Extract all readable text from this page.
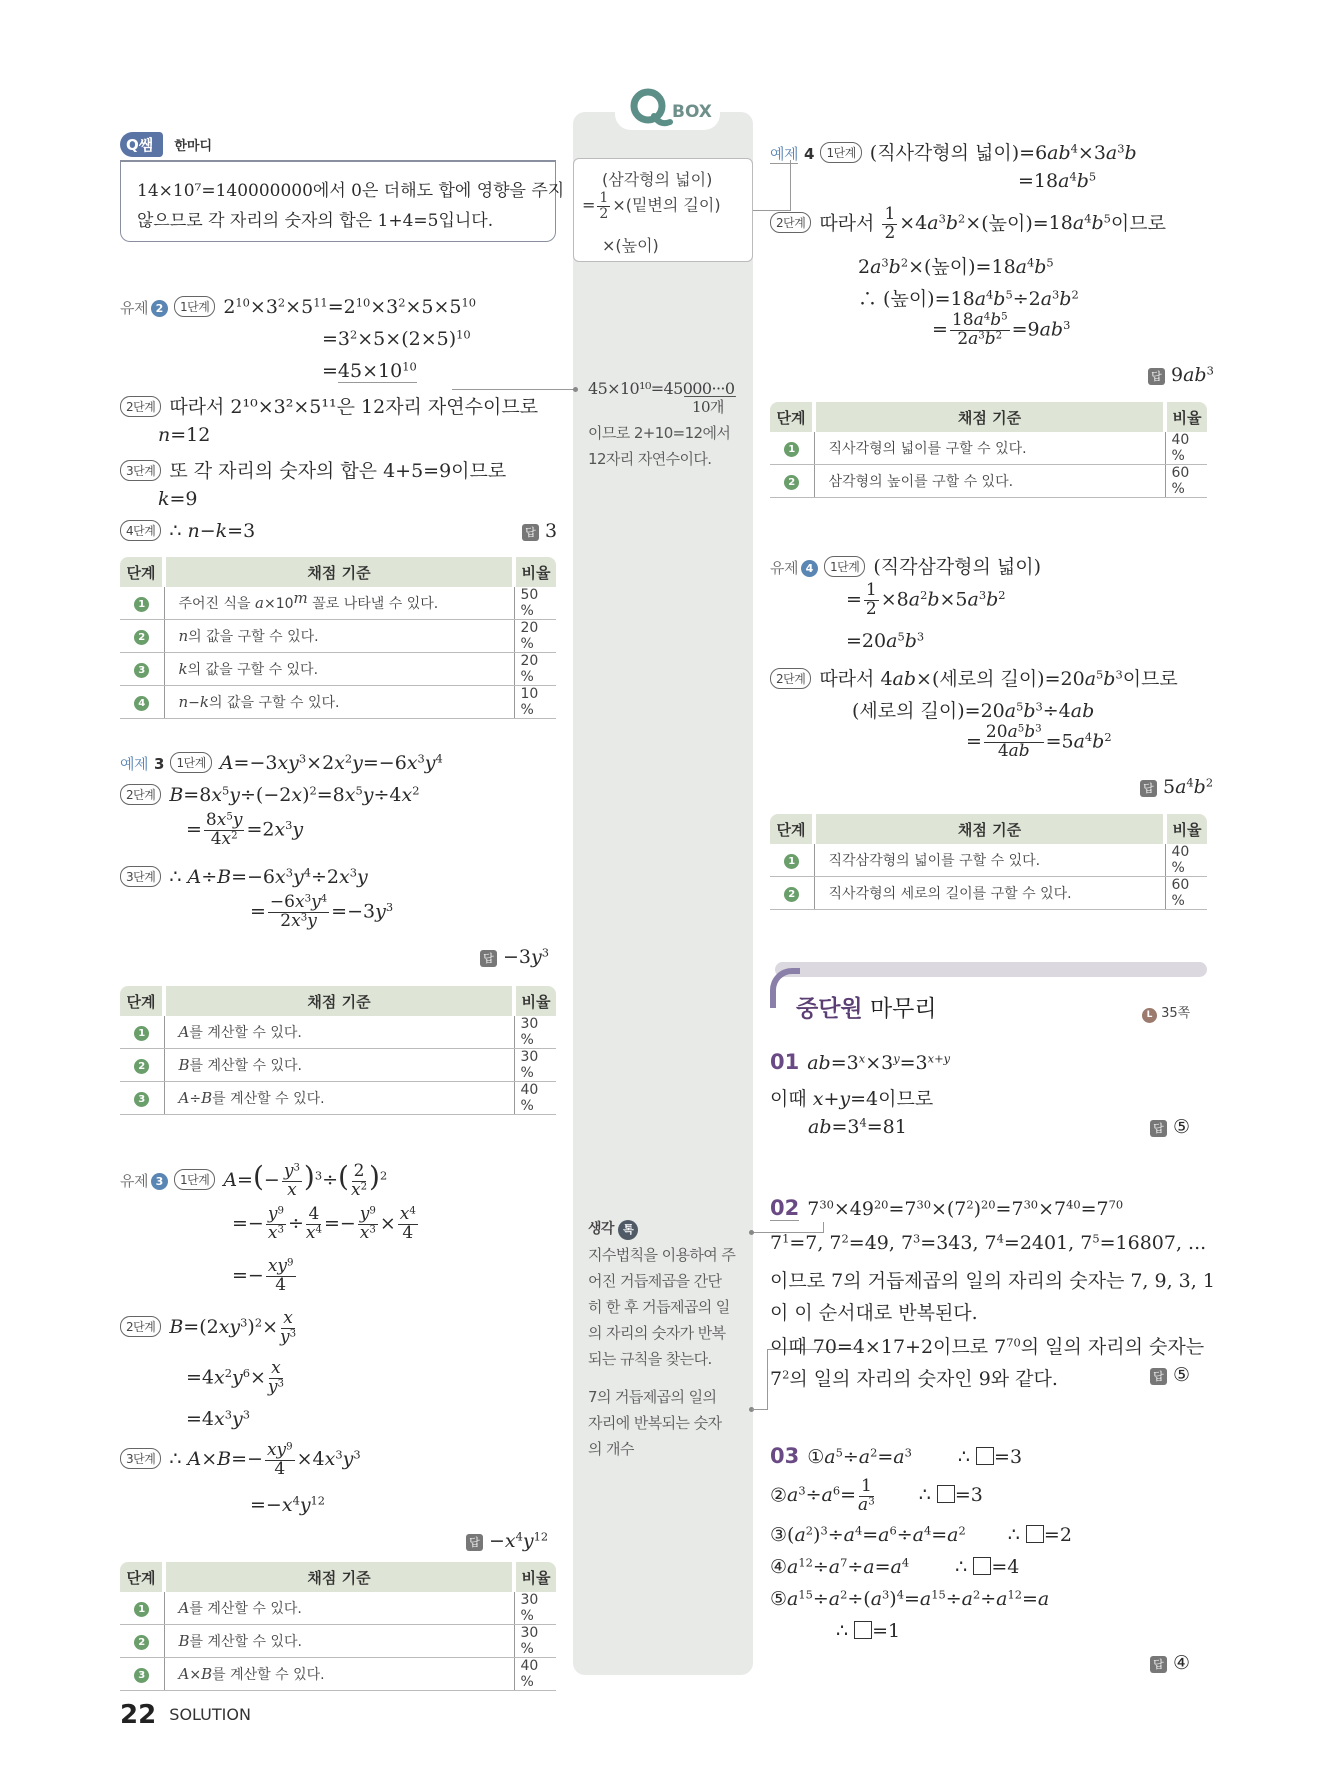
BOX
(삼각형의 넓이)
= $\frac{1}{2}$ ×(밑변의 길이)
×(높이)
45×10¹⁰=45000···0
10개
이므로 2+10=12에서
12자리 자연수이다.
생각 톡
지수법칙을 이용하여 주
어진 거듭제곱을 간단
히 한 후 거듭제곱의 일
의 자리의 숫자가 반복
되는 규칙을 찾는다.
7의 거듭제곱의 일의
자리에 반복되는 숫자
의 개수
Q쌤 한마디
14×10⁷=140000000에서 0은 더해도 합에 영향을 주지
않으므로 각 자리의 숫자의 합은 1+4=5입니다.
유제 2 1단계 $2^{10}\times 3^2\times 5^{11}=2^{10}\times 3^2\times 5\times 5^{10}$
$=3^2\times 5\times(2\times 5)^{10}$
$=45\times 10^{10}$
2단계 따라서 2¹⁰×3²×5¹¹은 12자리 자연수이므로
n=12
3단계 또 각 자리의 숫자의 합은 4+5=9이므로
k=9
4단계 ∴ n−k=3	답 3
단계	채점 기준	비율
1	주어진 식을 $a\times 10^m$ 꼴로 나타낼 수 있다.	50 %
2	n의 값을 구할 수 있다.	20 %
3	k의 값을 구할 수 있다.	20 %
4	n−k의 값을 구할 수 있다.	10 %
예제 3 1단계 $A=-3xy^3\times 2x^2y=-6x^3y^4$
2단계 $B=8x^5y\div(-2x)^2=8x^5y\div 4x^2$
= $\frac{8x^5y}{4x^2} =2x^3y$
3단계 ∴ $A\div B=-6x^3y^4\div 2x^3y$
= $\frac{-6x^3y^4}{2x^3y} =-3y^3$
답 $-3y^3$
단계	채점 기준	비율
1	A를 계산할 수 있다.	30 %
2	B를 계산할 수 있다.	30 %
3	A÷B를 계산할 수 있다.	40 %
유제 3 1단계 $A=(- \frac{y^3}{x} )^3\div( \frac{2}{x^2} )^2$
=− $\frac{y^9}{x^3} \div \frac{4}{x^4} =- \frac{y^9}{x^3} \times \frac{x^4}{4}$
=− $\frac{xy^9}{4}$
2단계 $B=(2xy^3)^2\times \frac{x}{y^3}$
$=4x^2y^6\times \frac{x}{y^3}$
$=4x^3y^3$
3단계 ∴ $A\times B=- \frac{xy^9}{4} \times 4x^3y^3$
$=-x^4y^{12}$
답 $-x^4y^{12}$
단계	채점 기준	비율
1	A를 계산할 수 있다.	30 %
2	B를 계산할 수 있다.	30 %
3	A×B를 계산할 수 있다.	40 %
22 SOLUTION
예제 4 1단계 (직사각형의 넓이)$=6ab^4\times 3a^3b$
$=18a^4b^5$
2단계 따라서 $\frac{1}{2} \times 4a^3b^2\times$(높이)$=18a^4b^5$이므로
$2a^3b^2\times$(높이)$=18a^4b^5$
∴ (높이)$=18a^4b^5\div 2a^3b^2$
= $\frac{18a^4b^5}{2a^3b^2} =9ab^3$
답 $9ab^3$
단계	채점 기준	비율
1	직사각형의 넓이를 구할 수 있다.	40 %
2	삼각형의 높이를 구할 수 있다.	60 %
유제 4 1단계 (직각삼각형의 넓이)
= $\frac{1}{2} \times 8a^2b\times 5a^3b^2$
$=20a^5b^3$
2단계 따라서 4ab×(세로의 길이)$=20a^5b^3$이므로
(세로의 길이)$=20a^5b^3\div 4ab$
= $\frac{20a^5b^3}{4ab} =5a^4b^2$
답 $5a^4b^2$
단계	채점 기준	비율
1	직각삼각형의 넓이를 구할 수 있다.	40 %
2	직사각형의 세로의 길이를 구할 수 있다.	60 %
중단원 마무리	L 35쪽
01 $ab=3^x\times 3^y=3^{x+y}$
이때 x+y=4이므로
$ab=3^4=81$	답 ⑤
02 $7^{30}\times 49^{20}=7^{30}\times(7^2)^{20}=7^{30}\times 7^{40}=7^{70}$
$7^1=7$, $7^2=49$, $7^3=343$, $7^4=2401$, $7^5=16807$, ...
이므로 7의 거듭제곱의 일의 자리의 숫자는 7, 9, 3, 1
이 이 순서대로 반복된다.
이때 70=4×17+2이므로 $7^{70}$의 일의 자리의 숫자는
$7^2$의 일의 자리의 숫자인 9와 같다.	답 ⑤
03 $①a^5\div a^2=a^3$ ∴ =3
$②a^3\div a^6= \frac{1}{a^3}$ ∴ =3
$③(a^2)^3\div a^4=a^6\div a^4=a^2$ ∴ =2
$④a^{12}\div a^7\div a=a^4$ ∴ =4
$⑤a^{15}\div a^2\div(a^3)^4=a^{15}\div a^2\div a^{12}=a$
∴ =1
답 ④
